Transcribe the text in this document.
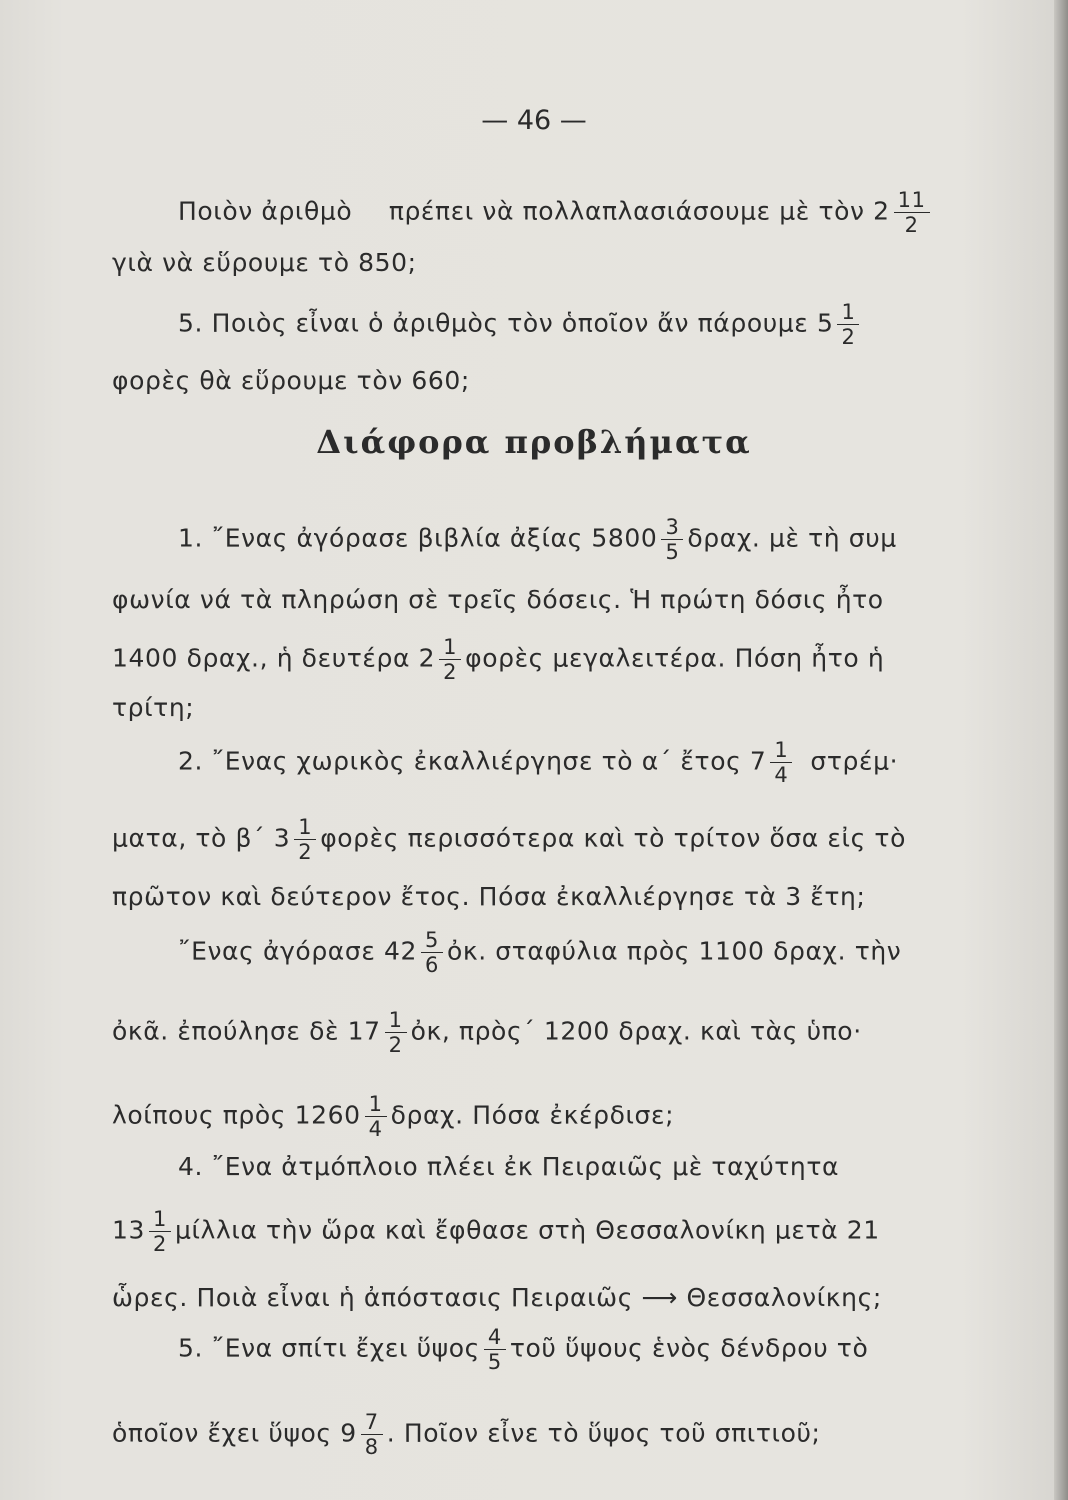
— 46 —
Ποιὸν ἀριθμὸ πρέπει νὰ πολλαπλασιάσουμε μὲ τὸν $2 \frac{11}{2}$
γιὰ νὰ εὕρουμε τὸ 850;
5. Ποιὸς εἶναι ὁ ἀριθμὸς τὸν ὁποῖον ἄν πάρουμε $5 \frac{1}{2}$
φορὲς θὰ εὕρουμε τὸν 660;
Διάφορα προβλήματα
1. ῎Ενας ἀγόρασε βιβλία ἀξίας $5800 \frac{3}{5} \delta\rho\alpha\chi$. μὲ τὴ συμ
φωνία νά τὰ πληρώση σὲ τρεῖς δόσεις. Ἡ πρώτη δόσις ἦτο
1400 δραχ., ἡ δευτέρα $2 \frac{1}{2}$ φορὲς μεγαλειτέρα. Πόση ἦτο ἡ
τρίτη;
2. ῎Ενας χωρικὸς ἐκαλλιέργησε τὸ α΄ ἔτος $7 \frac{1}{4} \sigma\tau\rho έ\mu\cdot$
ματα, τὸ β΄ $3 \frac{1}{2}$ φορὲς περισσότερα καὶ τὸ τρίτον ὅσα εἰς τὸ
πρῶτον καὶ δεύτερον ἔτος. Πόσα ἐκαλλιέργησε τὰ 3 ἔτη;
῎Ενας ἀγόρασε $42 \frac{5}{6}$ ὀκ. σταφύλια πρὸς 1100 δραχ. τὴν
ὀκᾶ. ἐπούλησε δὲ $17 \frac{1}{2}$ ὀκ, πρὸς΄ 1200 δραχ. καὶ τὰς ὑπο·
λοίπους πρὸς $1260 \frac{1}{4} \delta\rho\alpha\chi$. Πόσα ἐκέρδισε;
4. ῎Ενα ἀτμόπλοιο πλέει ἐκ Πειραιῶς μὲ ταχύτητα
$13 \frac{1}{2}$ μίλλια τὴν ὥρα καὶ ἔφθασε στὴ Θεσσαλονίκη μετὰ 21
ὧρες. Ποιὰ εἶναι ἡ ἀπόστασις Πειραιῶς ⟶ Θεσσαλονίκης;
5. ῎Ενα σπίτι ἔχει ὕψος $\frac{4}{5}$ τοῦ ὕψους ἑνὸς δένδρου τὸ
ὁποῖον ἔχει ὕψος $9 \frac{7}{8}$ . Ποῖον εἶνε τὸ ὕψος τοῦ σπιτιοῦ;
